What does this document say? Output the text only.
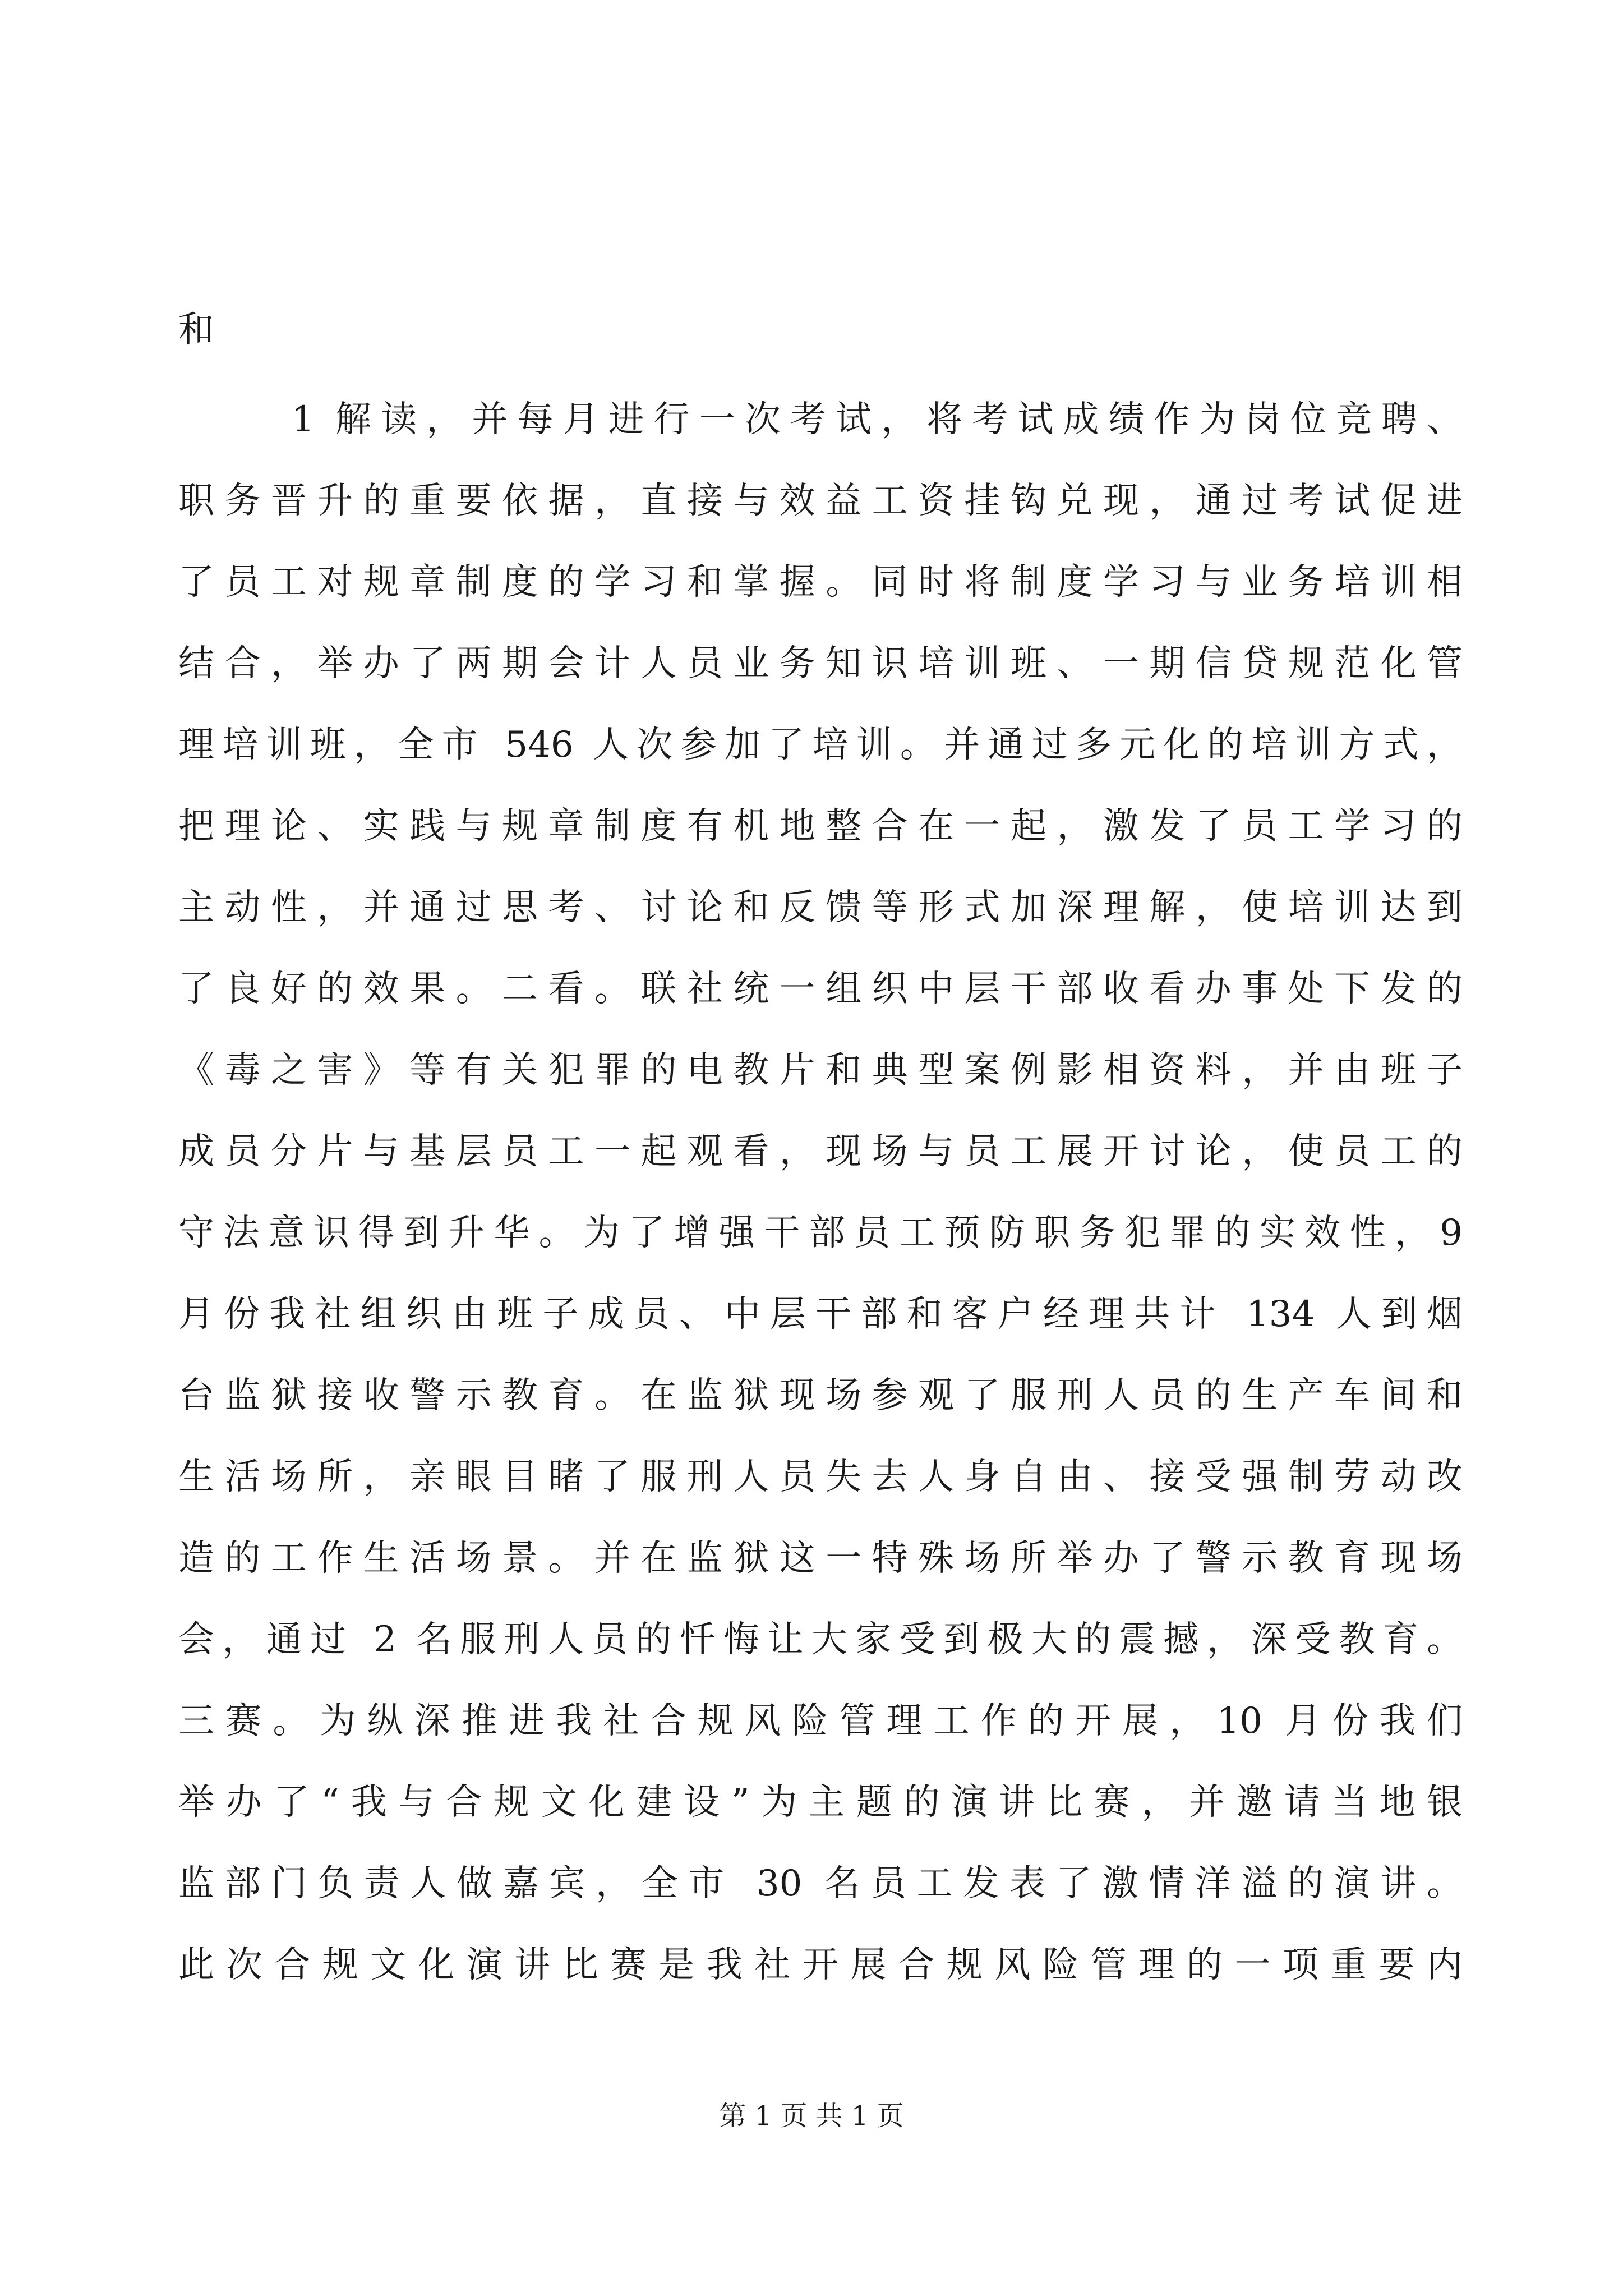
和

1 解读，并每月进行一次考试，将考试成绩作为岗位竞聘、

职务晋升的重要依据，直接与效益工资挂钩兑现，通过考试促进

了员工对规章制度的学习和掌握。同时将制度学习与业务培训相

结合，举办了两期会计人员业务知识培训班、一期信贷规范化管

理培训班，全市 546 人次参加了培训。并通过多元化的培训方式，

把理论、实践与规章制度有机地整合在一起，激发了员工学习的

主动性，并通过思考、讨论和反馈等形式加深理解，使培训达到

了良好的效果。二看。联社统一组织中层干部收看办事处下发的

《毒之害》等有关犯罪的电教片和典型案例影相资料，并由班子

成员分片与基层员工一起观看，现场与员工展开讨论，使员工的

守法意识得到升华。为了增强干部员工预防职务犯罪的实效性，9

月份我社组织由班子成员、中层干部和客户经理共计 134 人到烟

台监狱接收警示教育。在监狱现场参观了服刑人员的生产车间和

生活场所，亲眼目睹了服刑人员失去人身自由、接受强制劳动改

造的工作生活场景。并在监狱这一特殊场所举办了警示教育现场

会，通过 2 名服刑人员的忏悔让大家受到极大的震撼，深受教育。

三赛。为纵深推进我社合规风险管理工作的开展，10 月份我们

举办了“我与合规文化建设”为主题的演讲比赛，并邀请当地银

监部门负责人做嘉宾，全市 30 名员工发表了激情洋溢的演讲。

此次合规文化演讲比赛是我社开展合规风险管理的一项重要内

第 1 页 共 1 页
